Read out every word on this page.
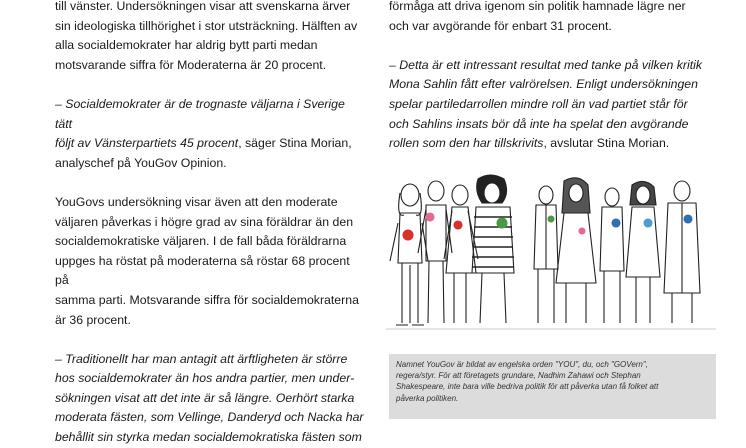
till vänster. Undersökningen visar att svenskarna ärver
sin ideologiska tillhörighet i stor utsträckning. Hälften av
alla socialdemokrater har aldrig bytt parti medan
motsvarande siffra för Moderaterna är 20 procent.

– Socialdemokrater är de trognaste väljarna i Sverige tätt
följt av Vänsterpartiets 45 procent, säger Stina Morian,
analyschef på YouGov Opinion.

YouGovs undersökning visar även att den moderate
väljaren påverkas i högre grad av sina föräldrar än den
socialdemokratiske väljaren. I de fall båda föräldrarna
uppges ha röstat på moderaterna så röstar 68 procent på
samma parti. Motsvarande siffra för socialdemokraterna
är 36 procent.

– Traditionellt har man antagit att ärftligheten är större
hos socialdemokrater än hos andra partier, men under-
sökningen visat att det inte är så längre. Oerhört starka
moderata fästen, som Vellinge, Danderyd och Nacka har
behållit sin styrka medan socialdemokratiska fästen som

förmåga att driva igenom sin politik hamnade lägre ner
och var avgörande för enbart 31 procent.

– Detta är ett intressant resultat med tanke på vilken kritik
Mona Sahlin fått efter valrörelsen. Enligt undersökningen
spelar partiledarrollen mindre roll än vad partiet står för
och Sahlins insats bör då inte ha spelat den avgörande
rollen som den har tillskrivits, avslutar Stina Morian.

Namnet YouGov är bildat av engelska orden "YOU", du, och "GOVern",
regera/styr. För att företagets grundare, Nadhim Zahawi och Stephan
Shakespeare, inte bara ville bedriva politik för att påverka utan få folket att
påverka politiken.
